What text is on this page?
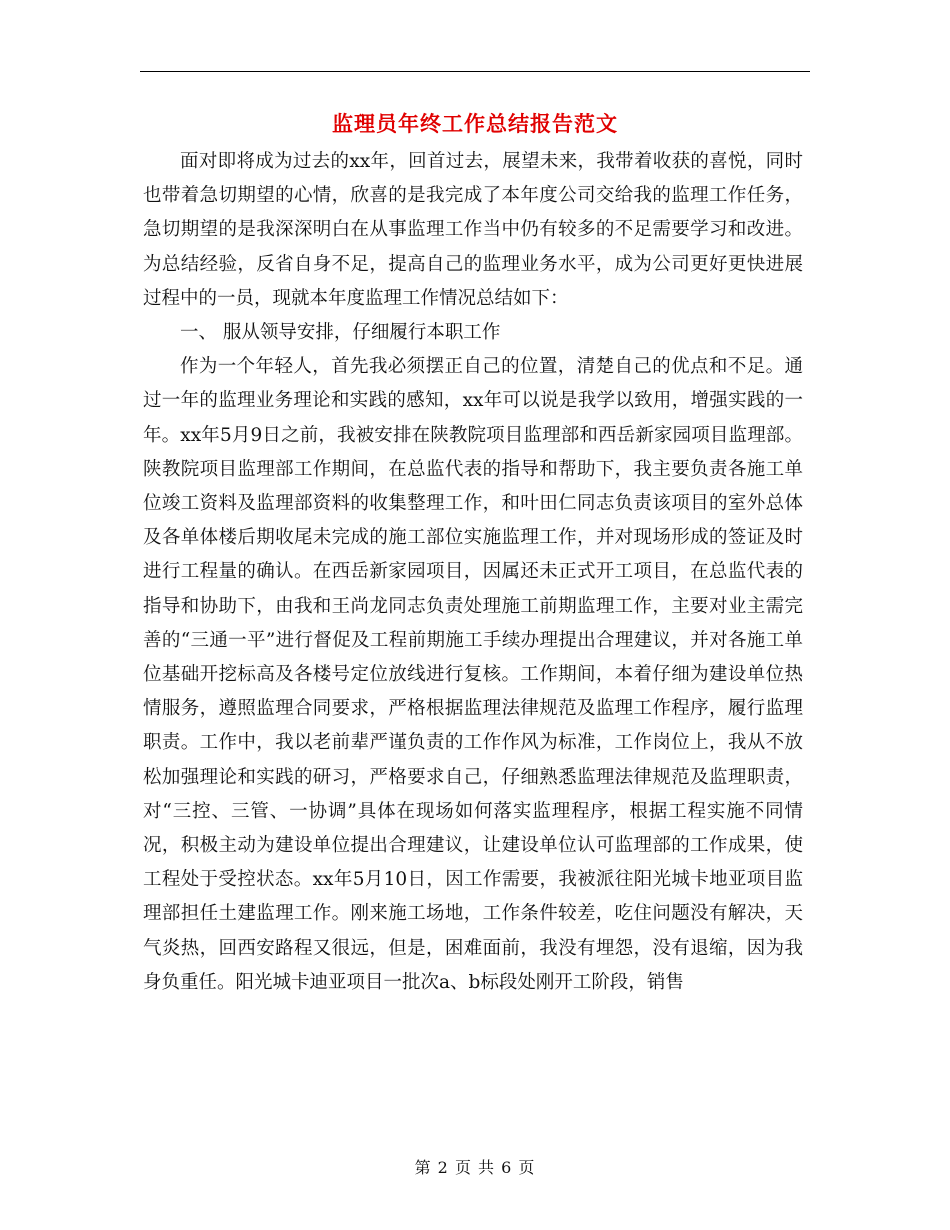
监理员年终工作总结报告范文

面对即将成为过去的xx年，回首过去，展望未来，我带着收获的喜悦，同时也带着急切期望的心情，欣喜的是我完成了本年度公司交给我的监理工作任务，急切期望的是我深深明白在从事监理工作当中仍有较多的不足需要学习和改进。为总结经验，反省自身不足，提高自己的监理业务水平，成为公司更好更快进展过程中的一员，现就本年度监理工作情况总结如下：

一、 服从领导安排，仔细履行本职工作

作为一个年轻人，首先我必须摆正自己的位置，清楚自己的优点和不足。通过一年的监理业务理论和实践的感知，xx年可以说是我学以致用，增强实践的一年。xx年5月9日之前，我被安排在陕教院项目监理部和西岳新家园项目监理部。陕教院项目监理部工作期间，在总监代表的指导和帮助下，我主要负责各施工单位竣工资料及监理部资料的收集整理工作，和叶田仁同志负责该项目的室外总体及各单体楼后期收尾未完成的施工部位实施监理工作，并对现场形成的签证及时进行工程量的确认。在西岳新家园项目，因属还未正式开工项目，在总监代表的指导和协助下，由我和王尚龙同志负责处理施工前期监理工作，主要对业主需完善的“三通一平”进行督促及工程前期施工手续办理提出合理建议，并对各施工单位基础开挖标高及各楼号定位放线进行复核。工作期间，本着仔细为建设单位热情服务，遵照监理合同要求，严格根据监理法律规范及监理工作程序，履行监理职责。工作中，我以老前辈严谨负责的工作作风为标准，工作岗位上，我从不放松加强理论和实践的研习，严格要求自己，仔细熟悉监理法律规范及监理职责，对“三控、三管、一协调”具体在现场如何落实监理程序，根据工程实施不同情况，积极主动为建设单位提出合理建议，让建设单位认可监理部的工作成果，使工程处于受控状态。xx年5月10日，因工作需要，我被派往阳光城卡地亚项目监理部担任土建监理工作。刚来施工场地，工作条件较差，吃住问题没有解决，天气炎热，回西安路程又很远，但是，困难面前，我没有埋怨，没有退缩，因为我身负重任。阳光城卡迪亚项目一批次a、b标段处刚开工阶段，销售

第 2 页 共 6 页
